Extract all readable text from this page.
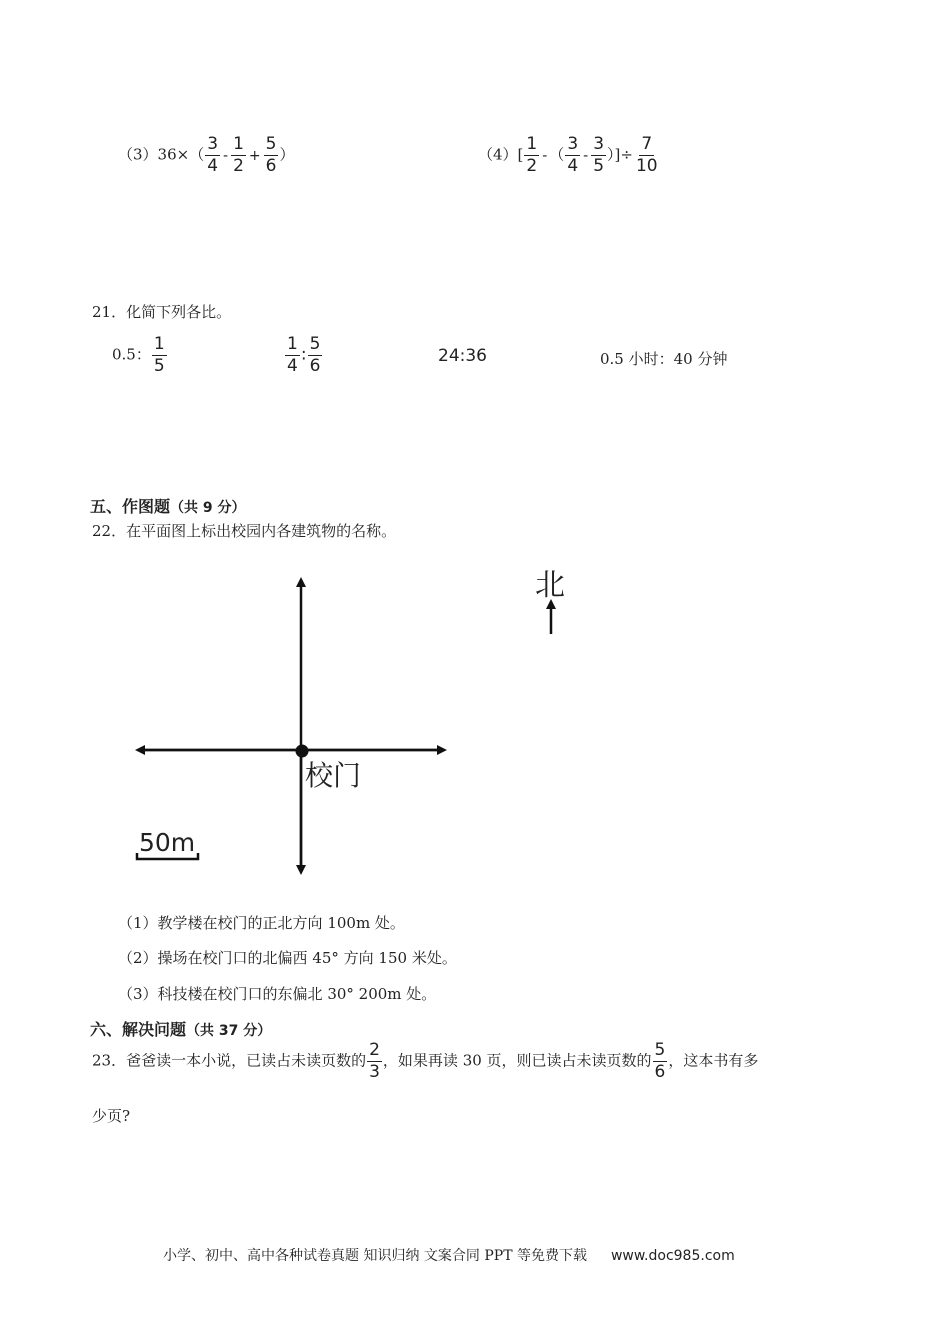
$(3)36\times( \frac{3}{4} - \frac{1}{2} + \frac{5}{6}$ ）	$(4)[ \frac{1}{2}$ - （ $\frac{3}{4} - \frac{3}{5}$ ）]÷ $\frac{7}{10}$
21．化简下列各比。
0.5： $\frac{1}{5}$	$\frac{1}{4}$ : $\frac{5}{6}$	24:36	0.5 小时：40 分钟
五、作图题（共 9 分）
22．在平面图上标出校园内各建筑物的名称。
校门
50m
北
（1）教学楼在校门的正北方向 100m 处。
（2）操场在校门口的北偏西 45° 方向 150 米处。
（3）科技楼在校门口的东偏北 30° 200m 处。
六、解决问题（共 37 分）
23．爸爸读一本小说，已读占未读页数的 $\frac{2}{3}$ ，如果再读 30 页，则已读占未读页数的 $\frac{5}{6}$ ，这本书有多
少页?
小学、初中、高中各种试卷真题 知识归纳 文案合同 PPT 等免费下载 www.doc985.com
